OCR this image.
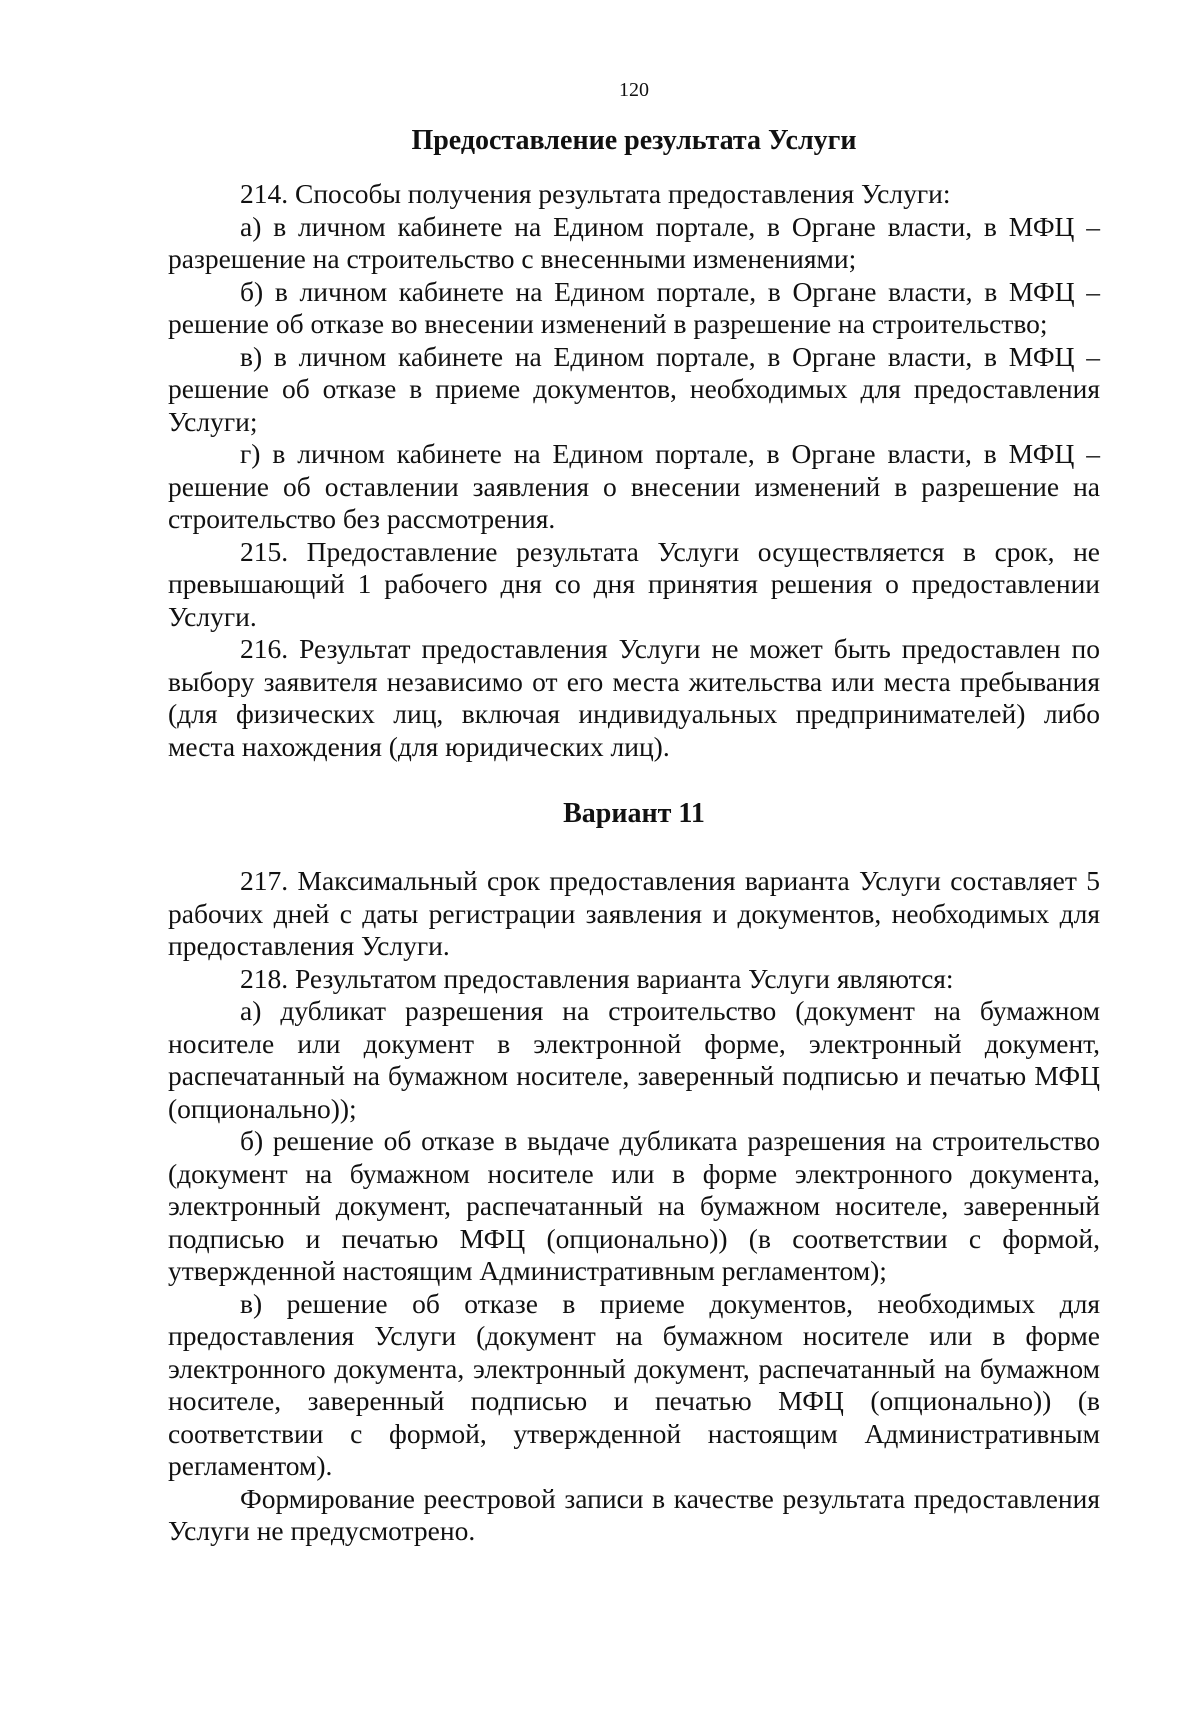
120
Предоставление результата Услуги

214. Способы получения результата предоставления Услуги:

а) в личном кабинете на Едином портале, в Органе власти, в МФЦ – разрешение на строительство с внесенными изменениями;

б) в личном кабинете на Едином портале, в Органе власти, в МФЦ – решение об отказе во внесении изменений в разрешение на строительство;

в) в личном кабинете на Едином портале, в Органе власти, в МФЦ – решение об отказе в приеме документов, необходимых для предоставления Услуги;

г) в личном кабинете на Едином портале, в Органе власти, в МФЦ – решение об оставлении заявления о внесении изменений в разрешение на строительство без рассмотрения.

215. Предоставление результата Услуги осуществляется в срок, не превышающий 1 рабочего дня со дня принятия решения о предоставлении Услуги.

216. Результат предоставления Услуги не может быть предоставлен по выбору заявителя независимо от его места жительства или места пребывания (для физических лиц, включая индивидуальных предпринимателей) либо места нахождения (для юридических лиц).

Вариант 11

217. Максимальный срок предоставления варианта Услуги составляет 5 рабочих дней с даты регистрации заявления и документов, необходимых для предоставления Услуги.

218. Результатом предоставления варианта Услуги являются:

а) дубликат разрешения на строительство (документ на бумажном носителе или документ в электронной форме, электронный документ, распечатанный на бумажном носителе, заверенный подписью и печатью МФЦ (опционально));

б) решение об отказе в выдаче дубликата разрешения на строительство (документ на бумажном носителе или в форме электронного документа, электронный документ, распечатанный на бумажном носителе, заверенный подписью и печатью МФЦ (опционально)) (в соответствии с формой, утвержденной настоящим Административным регламентом);

в) решение об отказе в приеме документов, необходимых для предоставления Услуги (документ на бумажном носителе или в форме электронного документа, электронный документ, распечатанный на бумажном носителе, заверенный подписью и печатью МФЦ (опционально)) (в соответствии с формой, утвержденной настоящим Административным регламентом).

Формирование реестровой записи в качестве результата предоставления Услуги не предусмотрено.
